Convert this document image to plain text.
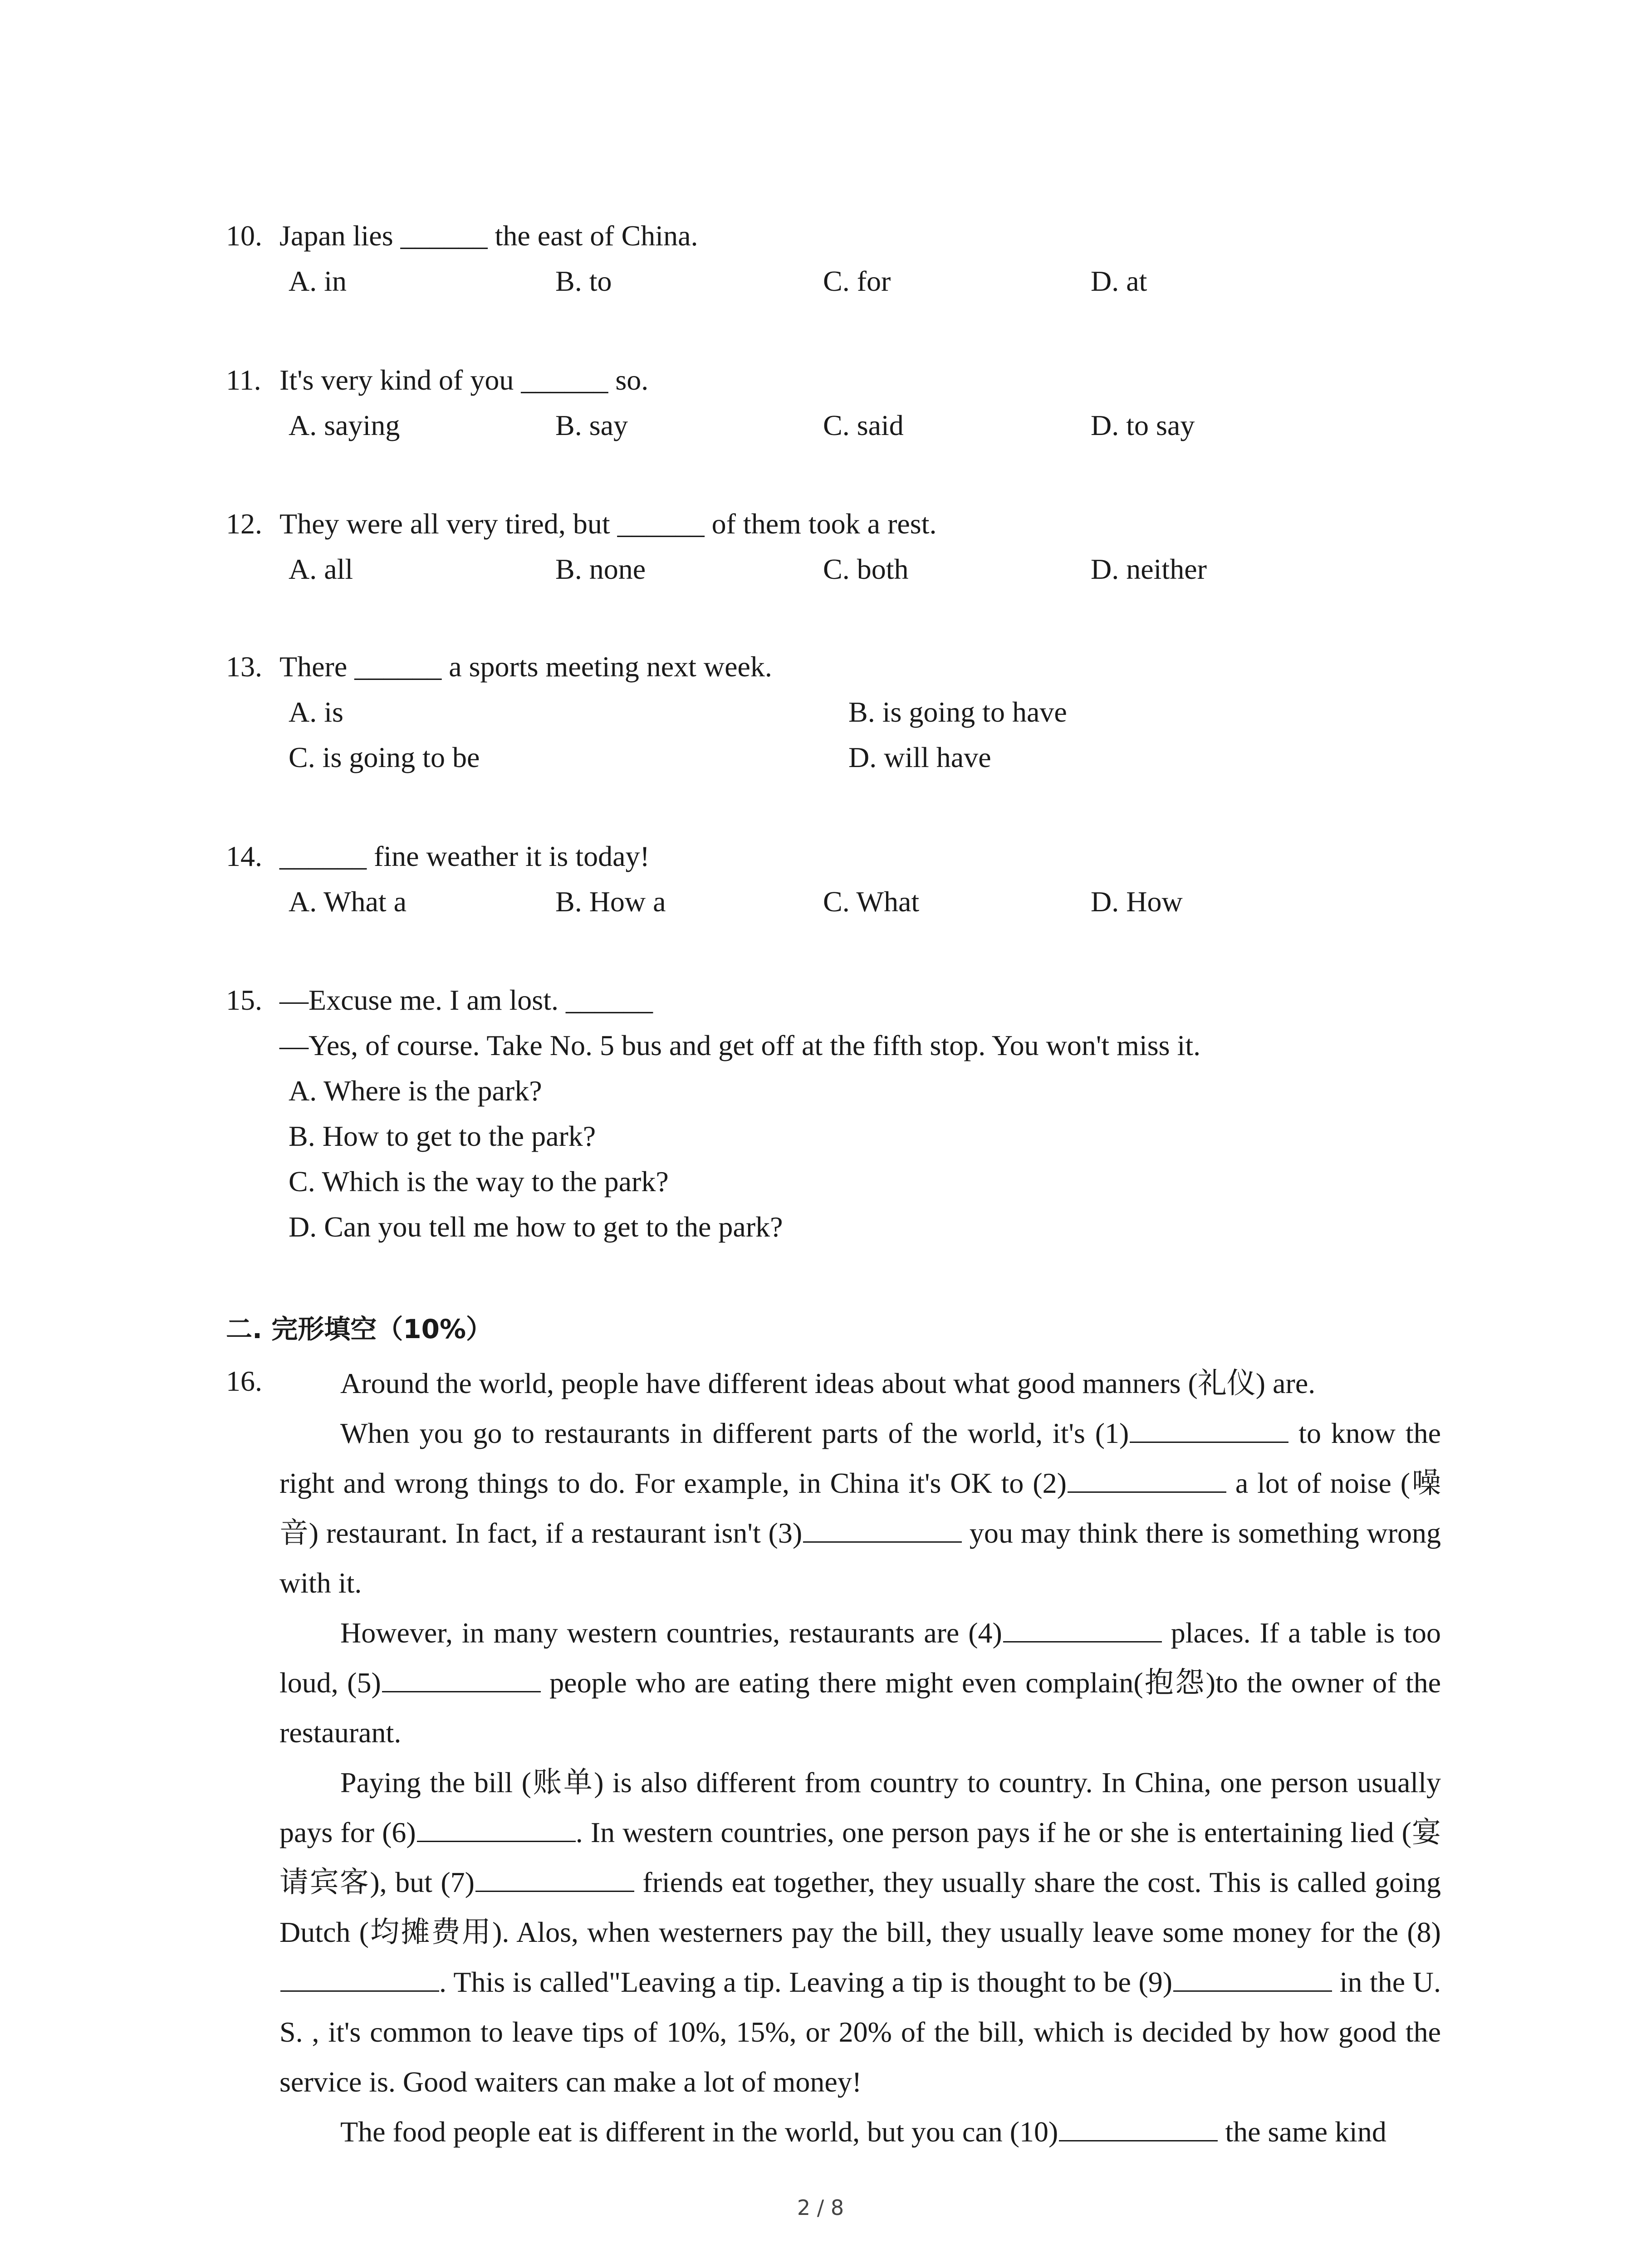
10. Japan lies ______ the east of China.
A. in	B. to	C. for	D. at
11. It's very kind of you ______ so.
A. saying	B. say	C. said	D. to say
12. They were all very tired, but ______ of them took a rest.
A. all	B. none	C. both	D. neither
13. There ______ a sports meeting next week.
A. is	B. is going to have
C. is going to be	D. will have
14. ______ fine weather it is today!
A. What a	B. How a	C. What	D. How
15. —Excuse me. I am lost. ______
—Yes, of course. Take No. 5 bus and get off at the fifth stop. You won't miss it.
A. Where is the park?
B. How to get to the park?
C. Which is the way to the park?
D. Can you tell me how to get to the park?
二. 完形填空（10%）
16.	Around the world, people have different ideas about what good manners (礼仪) are.

When you go to restaurants in different parts of the world, it's (1)	to know the right and wrong things to do. For example, in China it's OK to (2)	a lot of noise (噪音) restaurant. In fact, if a restaurant isn't (3)	you may think there is something wrong with it.

However, in many western countries, restaurants are (4)	places. If a table is too loud, (5)	people who are eating there might even complain(抱怨)to the owner of the restaurant.

Paying the bill (账单) is also different from country to country. In China, one person usually pays for (6)	. In western countries, one person pays if he or she is entertaining lied (宴请宾客), but (7)	friends eat together, they usually share the cost. This is called going Dutch (均摊费用). Alos, when westerners pay the bill, they usually leave some money for the (8). This is called"Leaving a tip. Leaving a tip is thought to be (9)	in the U. S. , it's common to leave tips of 10%, 15%, or 20% of the bill, which is decided by how good the service is. Good waiters can make a lot of money!

The food people eat is different in the world, but you can (10)	the same kind

2 / 8
